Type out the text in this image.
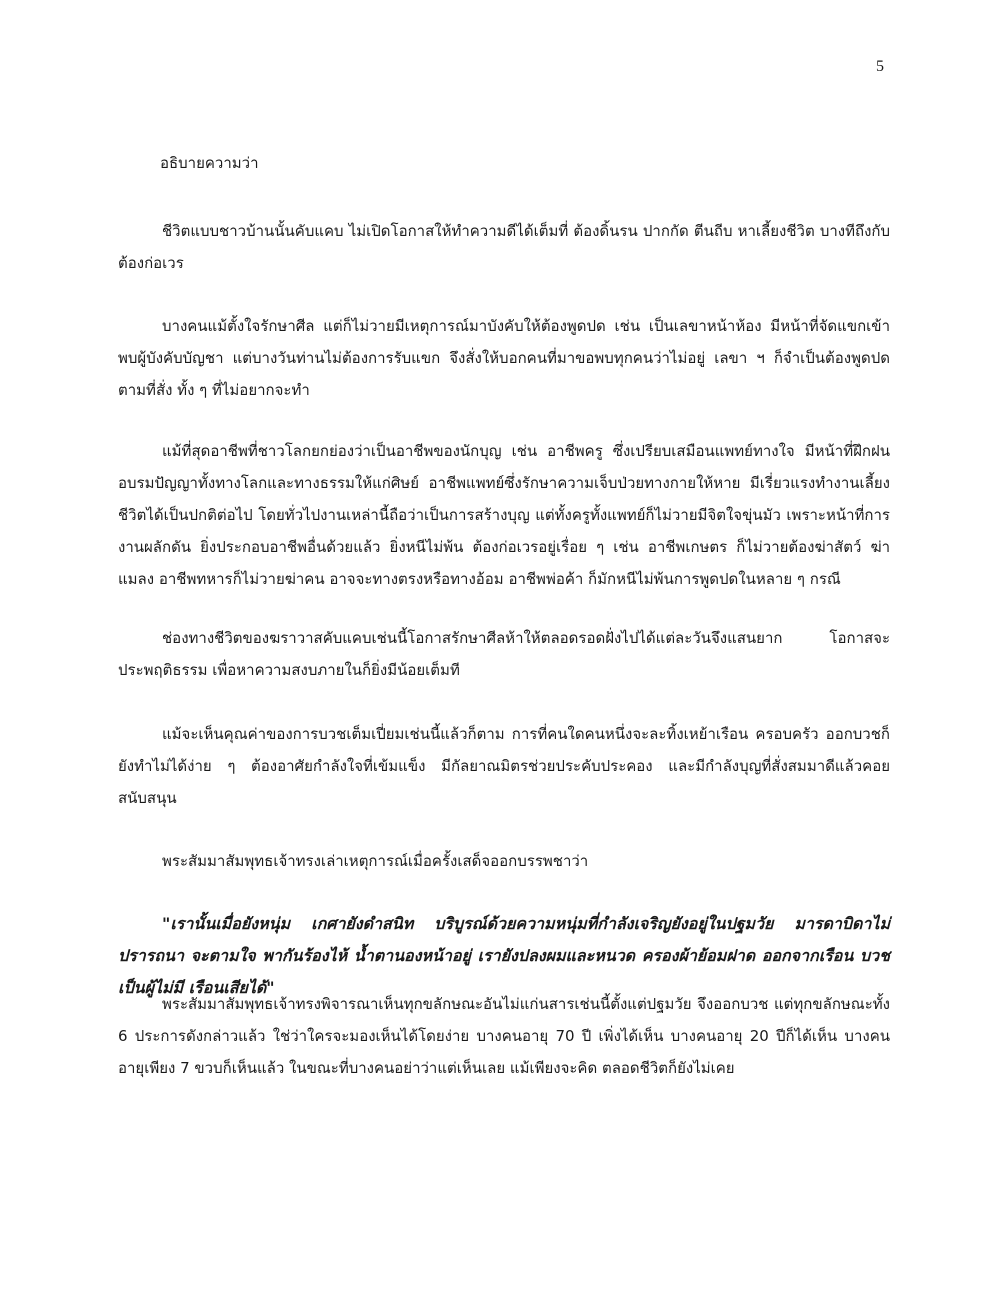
5
อธิบายความว่า

ชีวิตแบบชาวบ้านนั้นคับแคบ ไม่เปิดโอกาสให้ทำความดีได้เต็มที่ ต้องดิ้นรน ปากกัด ตีนถีบ หาเลี้ยงชีวิต บางทีถึงกับต้องก่อเวร

บางคนแม้ตั้งใจรักษาศีล แต่ก็ไม่วายมีเหตุการณ์มาบังคับให้ต้องพูดปด เช่น เป็นเลขาหน้าห้อง มีหน้าที่จัดแขกเข้าพบผู้บังคับบัญชา แต่บางวันท่านไม่ต้องการรับแขก จึงสั่งให้บอกคนที่มาขอพบทุกคนว่าไม่อยู่ เลขา ฯ ก็จำเป็นต้องพูดปดตามที่สั่ง ทั้ง ๆ ที่ไม่อยากจะทำ

แม้ที่สุดอาชีพที่ชาวโลกยกย่องว่าเป็นอาชีพของนักบุญ เช่น อาชีพครู ซึ่งเปรียบเสมือนแพทย์ทางใจ มีหน้าที่ฝึกฝนอบรมปัญญาทั้งทางโลกและทางธรรมให้แก่ศิษย์ อาชีพแพทย์ซึ่งรักษาความเจ็บป่วยทางกายให้หาย มีเรี่ยวแรงทำงานเลี้ยงชีวิตได้เป็นปกติต่อไป โดยทั่วไปงานเหล่านี้ถือว่าเป็นการสร้างบุญ แต่ทั้งครูทั้งแพทย์ก็ไม่วายมีจิตใจขุ่นมัว เพราะหน้าที่การงานผลักดัน ยิ่งประกอบอาชีพอื่นด้วยแล้ว ยิ่งหนีไม่พ้น ต้องก่อเวรอยู่เรื่อย ๆ เช่น อาชีพเกษตร ก็ไม่วายต้องฆ่าสัตว์ ฆ่าแมลง อาชีพทหารก็ไม่วายฆ่าคน อาจจะทางตรงหรือทางอ้อม อาชีพพ่อค้า ก็มักหนีไม่พ้นการพูดปดในหลาย ๆ กรณี

ช่องทางชีวิตของฆราวาสคับแคบเช่นนี้โอกาสรักษาศีลห้าให้ตลอดรอดฝั่งไปได้แต่ละวันจึงแสนยาก โอกาสจะประพฤติธรรม เพื่อหาความสงบภายในก็ยิ่งมีน้อยเต็มที

แม้จะเห็นคุณค่าของการบวชเต็มเปี่ยมเช่นนี้แล้วก็ตาม การที่คนใดคนหนึ่งจะละทิ้งเหย้าเรือน ครอบครัว ออกบวชก็ยังทำไม่ได้ง่าย ๆ ต้องอาศัยกำลังใจที่เข้มแข็ง มีกัลยาณมิตรช่วยประคับประคอง และมีกำลังบุญที่สั่งสมมาดีแล้วคอยสนับสนุน

พระสัมมาสัมพุทธเจ้าทรงเล่าเหตุการณ์เมื่อครั้งเสด็จออกบรรพชาว่า

"เรานั้นเมื่อยังหนุ่ม เกศายังดำสนิท บริบูรณ์ด้วยความหนุ่มที่กำลังเจริญยังอยู่ในปฐมวัย มารดาบิดาไม่ปรารถนา จะตามใจ พากันร้องไห้ น้ำตานองหน้าอยู่ เรายังปลงผมและหนวด ครองผ้าย้อมฝาด ออกจากเรือน บวชเป็นผู้ไม่มี เรือนเสียได้"

พระสัมมาสัมพุทธเจ้าทรงพิจารณาเห็นทุกขลักษณะอันไม่แก่นสารเช่นนี้ตั้งแต่ปฐมวัย จึงออกบวช แต่ทุกขลักษณะทั้ง 6 ประการดังกล่าวแล้ว ใช่ว่าใครจะมองเห็นได้โดยง่าย บางคนอายุ 70 ปี เพิ่งได้เห็น บางคนอายุ 20 ปีก็ได้เห็น บางคนอายุเพียง 7 ขวบก็เห็นแล้ว ในขณะที่บางคนอย่าว่าแต่เห็นเลย แม้เพียงจะคิด ตลอดชีวิตก็ยังไม่เคย
